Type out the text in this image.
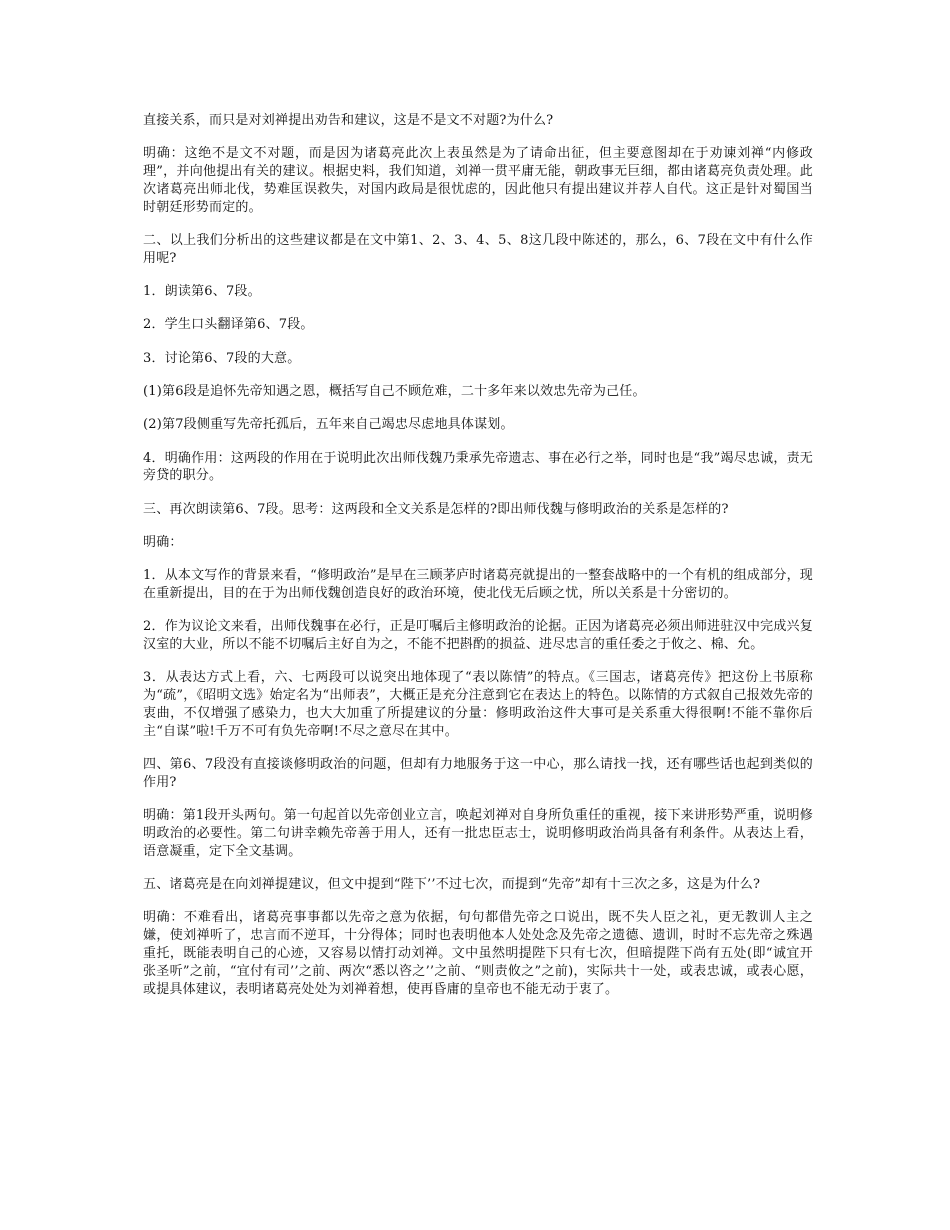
直接关系，而只是对刘禅提出劝告和建议，这是不是文不对题?为什么?

明确：这绝不是文不对题，而是因为诸葛亮此次上表虽然是为了请命出征，但主要意图却在于劝谏刘禅“内修政理”，并向他提出有关的建议。根据史料，我们知道，刘禅一贯平庸无能，朝政事无巨细，都由诸葛亮负责处理。此次诸葛亮出师北伐，势难匡误救失，对国内政局是很忧虑的，因此他只有提出建议并荐人自代。这正是针对蜀国当时朝廷形势而定的。

二、以上我们分析出的这些建议都是在文中第1、2、3、4、5、8这几段中陈述的，那么，6、7段在文中有什么作用呢?

1．朗读第6、7段。

2．学生口头翻译第6、7段。

3．讨论第6、7段的大意。

(1)第6段是追怀先帝知遇之恩，概括写自己不顾危难，二十多年来以效忠先帝为己任。

(2)第7段侧重写先帝托孤后，五年来自己竭忠尽虑地具体谋划。

4．明确作用：这两段的作用在于说明此次出师伐魏乃秉承先帝遗志、事在必行之举，同时也是“我”竭尽忠诚，责无旁贷的职分。

三、再次朗读第6、7段。思考：这两段和全文关系是怎样的?即出师伐魏与修明政治的关系是怎样的?

明确：

1．从本文写作的背景来看，“修明政治”是早在三顾茅庐时诸葛亮就提出的一整套战略中的一个有机的组成部分，现在重新提出，目的在于为出师伐魏创造良好的政治环境，使北伐无后顾之忧，所以关系是十分密切的。

2．作为议论文来看，出师伐魏事在必行，正是叮嘱后主修明政治的论据。正因为诸葛亮必须出师进驻汉中完成兴复汉室的大业，所以不能不切嘱后主好自为之，不能不把斟酌的损益、进尽忠言的重任委之于攸之、棉、允。

3．从表达方式上看，六、七两段可以说突出地体现了“表以陈情”的特点。《三国志，诸葛亮传》把这份上书原称为“疏”，《昭明文选》始定名为“出师表”，大概正是充分注意到它在表达上的特色。以陈情的方式叙自己报效先帝的衷曲，不仅增强了感染力，也大大加重了所提建议的分量：修明政治这件大事可是关系重大得很啊!不能不靠你后主“自谋”啦!千万不可有负先帝啊!不尽之意尽在其中。

四、第6、7段没有直接谈修明政治的问题，但却有力地服务于这一中心，那么请找一找，还有哪些话也起到类似的作用?

明确：第1段开头两句。第一句起首以先帝创业立言，唤起刘禅对自身所负重任的重视，接下来讲形势严重，说明修明政治的必要性。第二句讲幸赖先帝善于用人，还有一批忠臣志士，说明修明政治尚具备有利条件。从表达上看，语意凝重，定下全文基调。

五、诸葛亮是在向刘禅提建议，但文中提到“陛下’’不过七次，而提到“先帝”却有十三次之多，这是为什么?

明确：不难看出，诸葛亮事事都以先帝之意为依据，句句都借先帝之口说出，既不失人臣之礼，更无教训人主之嫌，使刘禅听了，忠言而不逆耳，十分得体；同时也表明他本人处处念及先帝之遗德、遗训，时时不忘先帝之殊遇重托，既能表明自己的心迹，又容易以情打动刘禅。文中虽然明提陛下只有七次，但暗提陛下尚有五处(即“诚宜开张圣听”之前，“宜付有司’’之前、两次“悉以咨之’’之前、“则责攸之”之前)，实际共十一处，或表忠诚，或表心愿，或提具体建议，表明诸葛亮处处为刘禅着想，使再昏庸的皇帝也不能无动于衷了。
